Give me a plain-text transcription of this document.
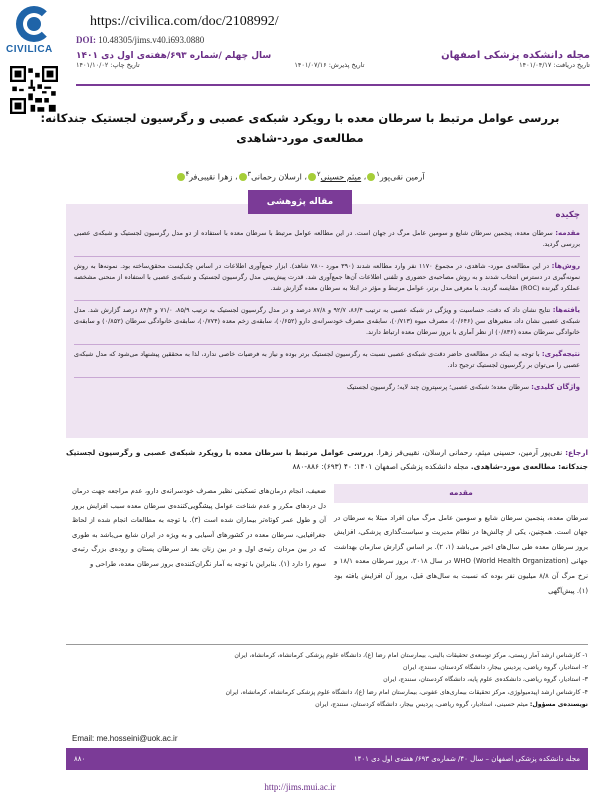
CIVILICA
https://civilica.com/doc/2108992/
DOI: 10.48305/jims.v40.i693.0880
مجله دانشکده پزشکی اصفهان
سال چهلم /شماره ۶۹۳/هفته‌ی اول دی ۱۴۰۱
تاریخ دریافت: ۱۴۰۱/۰۴/۱۷
تاریخ پذیرش: ۱۴۰۱/۰۷/۱۶
تاریخ چاپ: ۱۴۰۱/۱۰/۰۲
بررسی عوامل مرتبط با سرطان معده با رویکرد شبکه‌ی عصبی و رگرسیون لجستیک جندکانه:
مطالعه‌ی مورد-شاهدی
آرمین نقی‌پور$^۱$، میثم حسینی$^۲$، ارسلان رحمانی$^۳$، زهرا نقیبی‌فر$^۴$
چکیده

مقدمه: سرطان معده، پنجمین سرطان شایع و سومین عامل مرگ در جهان است. در این مطالعه عوامل مرتبط با سرطان معده با استفاده از دو مدل رگرسیون لجستیک و شبکه‌ی عصبی بررسی گردید.

روش‌ها: در این مطالعه‌ی مورد- شاهدی، در مجموع ۱۱۷۰ نفر وارد مطالعه شدند (۳۹۰ مورد -۷۸۰ شاهد). ابزار جمع‌آوری اطلاعات در اساس چک‌لیست محقق‌ساخته بود. نمونه‌ها به روش نمونه‌گیری در دسترس انتخاب شدند و به روش مصاحبه‌ی حضوری و تلفنی اطلاعات آن‌ها جمع‌آوری شد. قدرت پیش‌بینی مدل رگرسیون لجستیک و شبکه‌ی عصبی با استفاده از منحنی مشخصه عملکرد گیرنده (ROC) مقایسه گردید. با معرفی مدل برتر، عوامل مرتبط و مؤثر در ابتلا به سرطان معده گزارش شد.

یافته‌ها: نتایج نشان داد که دقت، حساسیت و ویژگی در شبکه عصبی به ترتیب ۸۶/۴، ۹۲/۷ و ۸۷/۸ درصد و در مدل رگرسیون لجستیک به ترتیب ۸۵/۹، ۷۱/۰ و ۸۴/۴ درصد گزارش شد. مدل شبکه‌ی عصبی نشان داد، متغیرهای سن (۰/۶۴۶)، مصرف میوه (۰/۷۱۳)، سابقه‌ی مصرف خودسرانه‌ی دارو (۰/۶۵۲)، سابقه‌ی زخم معده (۰/۷۷۴)، سابقه‌ی خانوادگی سرطان (۰/۸۵۲) و سابقه‌ی خانوادگی سرطان معده (۰/۸۳۶) از نظر آماری با بروز سرطان معده ارتباط دارند.

نتیجه‌گیری: با توجه به اینکه در مطالعه‌ی حاضر دقت‌ی شبکه‌ی عصبی نسبت به رگرسیون لجستیک برتر بوده و نیاز به فرضیات خاصی ندارد، لذا به محققین پیشنهاد می‌شود که مدل شبکه‌ی عصبی را می‌توان بر رگرسیون لجستیک ترجیح داد.

واژگان کلیدی: سرطان معده؛ شبکه‌ی عصبی؛ پرسپترون چند لایه؛ رگرسیون لجستیک

مقاله پژوهشی
ارجاع: نقی‌پور آرمین، حسینی میثم، رحمانی ارسلان، نقیبی‌فر زهرا. بررسی عوامل مرتبط با سرطان معده با رویکرد شبکه‌ی عصبی و رگرسیون لجستیک جندکانه: مطالعه‌ی مورد-شاهدی. مجله دانشکده پزشکی اصفهان ۱۴۰۱؛ ۴۰ (۶۹۳): ۸۸۶-۸۸۰
مقدمه

سرطان معده، پنجمین سرطان شایع و سومین عامل مرگ میان افراد مبتلا به سرطان در جهان است. همچنین، یکی از چالش‌ها در نظام مدیریت و سیاست‌گذاری پزشکی، افزایش بروز سرطان معده طی سال‌های اخیر می‌باشد (۱، ۲). بر اساس گزارش سازمان بهداشت جهانی (World Health Organization) WHO در سال ۲۰۱۸، بروز سرطان معده ۱۸/۱ و نرخ مرگ آن ۸/۸ میلیون نفر بوده که نسبت به سال‌های قبل، بروز آن افزایش یافته بود (۱). پیش‌آگهی

ضعیف، انجام درمان‌های تسکینی نظیر مصرف خودسرانه‌ی دارو، عدم مراجعه جهت درمان دل دردهای مکرر و عدم شناخت عوامل پیشگویی‌کننده‌ی سرطان معده سبب افزایش بروز آن و طول عمر کوتاه‌تر بیماران شده است (۳). با توجه به مطالعات انجام شده از لحاظ جغرافیایی، سرطان معده در کشورهای آسیایی و به ویژه در ایران شایع می‌باشد به طوری که در بین مردان رتبه‌ی اول و در بین زنان بعد از سرطان پستان و روده‌ی بزرگ رتبه‌ی سوم را دارد (۱). بنابراین با توجه به آمار نگران‌کننده‌ی بروز سرطان معده، طراحی و

۱- کارشناس ارشد آمار زیستی، مرکز توسعه‌ی تحقیقات بالینی، بیمارستان امام رضا (ع)، دانشگاه علوم پزشکی کرمانشاه، کرمانشاه، ایران
۲- استادیار، گروه ریاضی، پردیس بیجار، دانشگاه کردستان، سنندج، ایران
۳- استادیار، گروه ریاضی، دانشکده‌ی علوم پایه، دانشگاه کردستان، سنندج، ایران
۴- کارشناس ارشد اپیدمیولوژی، مرکز تحقیقات بیماری‌های عفونی، بیمارستان امام رضا (ع)، دانشگاه علوم پزشکی کرمانشاه، کرمانشاه، ایران
نویسنده‌ی مسؤول: میثم حسینی، استادیار، گروه ریاضی، پردیس بیجار، دانشگاه کردستان، سنندج، ایران
Email: me.hosseini@uok.ac.ir
مجله دانشکده پزشکی اصفهان – سال ۴۰/ شماره‌ی ۶۹۳/ هفته‌ی اول دی ۱۴۰۱
۸۸۰
http://jims.mui.ac.ir
